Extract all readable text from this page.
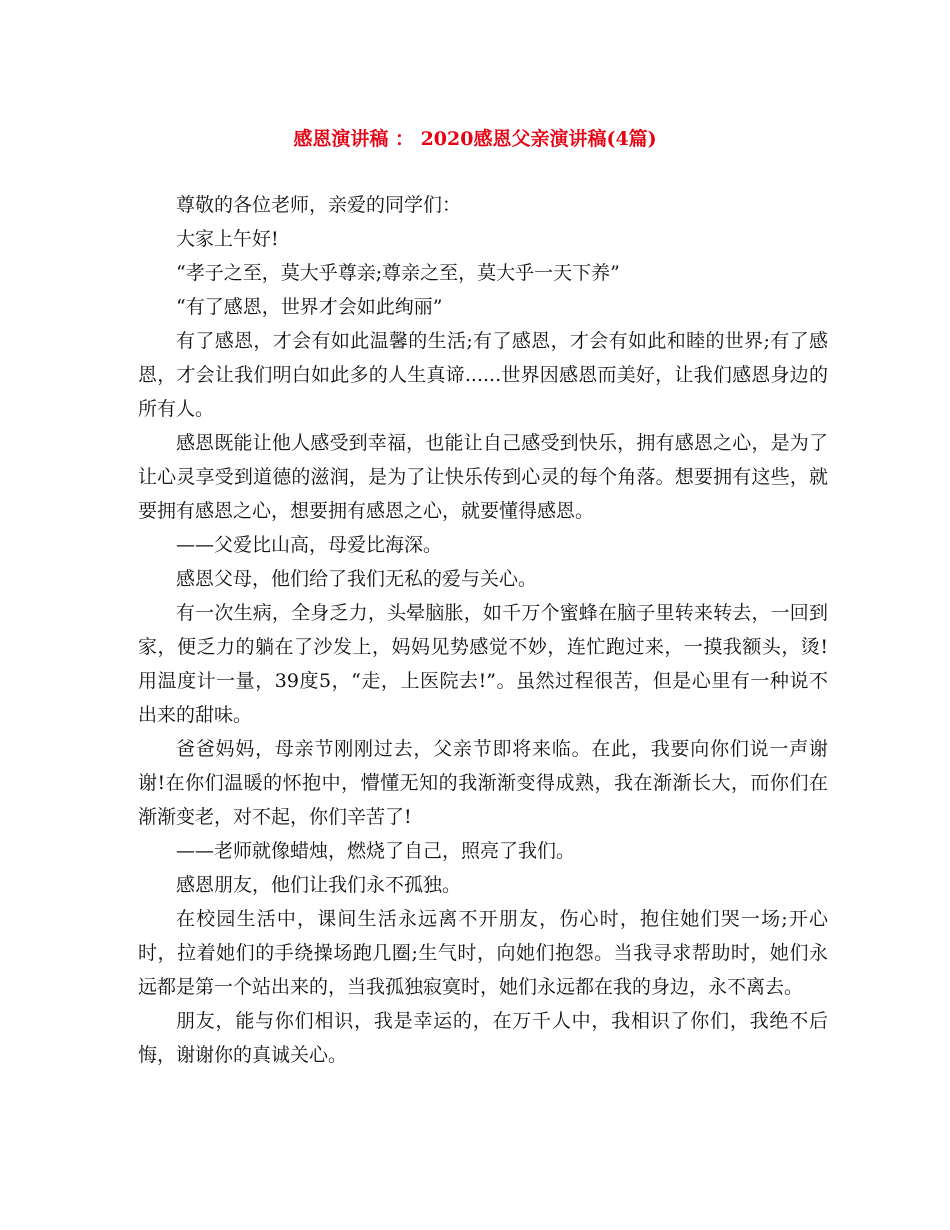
感恩演讲稿 ： 2020感恩父亲演讲稿(4篇)

尊敬的各位老师，亲爱的同学们：

大家上午好!

“孝子之至，莫大乎尊亲;尊亲之至，莫大乎一天下养”

“有了感恩，世界才会如此绚丽”

有了感恩，才会有如此温馨的生活;有了感恩，才会有如此和睦的世界;有了感恩，才会让我们明白如此多的人生真谛......世界因感恩而美好，让我们感恩身边的所有人。

感恩既能让他人感受到幸福，也能让自己感受到快乐，拥有感恩之心，是为了让心灵享受到道德的滋润，是为了让快乐传到心灵的每个角落。想要拥有这些，就要拥有感恩之心，想要拥有感恩之心，就要懂得感恩。

——父爱比山高，母爱比海深。

感恩父母，他们给了我们无私的爱与关心。

有一次生病，全身乏力，头晕脑胀，如千万个蜜蜂在脑子里转来转去，一回到家，便乏力的躺在了沙发上，妈妈见势感觉不妙，连忙跑过来，一摸我额头，烫!用温度计一量，39度5，“走，上医院去!”。虽然过程很苦，但是心里有一种说不出来的甜味。

爸爸妈妈，母亲节刚刚过去，父亲节即将来临。在此，我要向你们说一声谢谢!在你们温暖的怀抱中，懵懂无知的我渐渐变得成熟，我在渐渐长大，而你们在渐渐变老，对不起，你们辛苦了!

——老师就像蜡烛，燃烧了自己，照亮了我们。

感恩朋友，他们让我们永不孤独。

在校园生活中，课间生活永远离不开朋友，伤心时，抱住她们哭一场;开心时，拉着她们的手绕操场跑几圈;生气时，向她们抱怨。当我寻求帮助时，她们永远都是第一个站出来的，当我孤独寂寞时，她们永远都在我的身边，永不离去。

朋友，能与你们相识，我是幸运的，在万千人中，我相识了你们，我绝不后悔，谢谢你的真诚关心。
